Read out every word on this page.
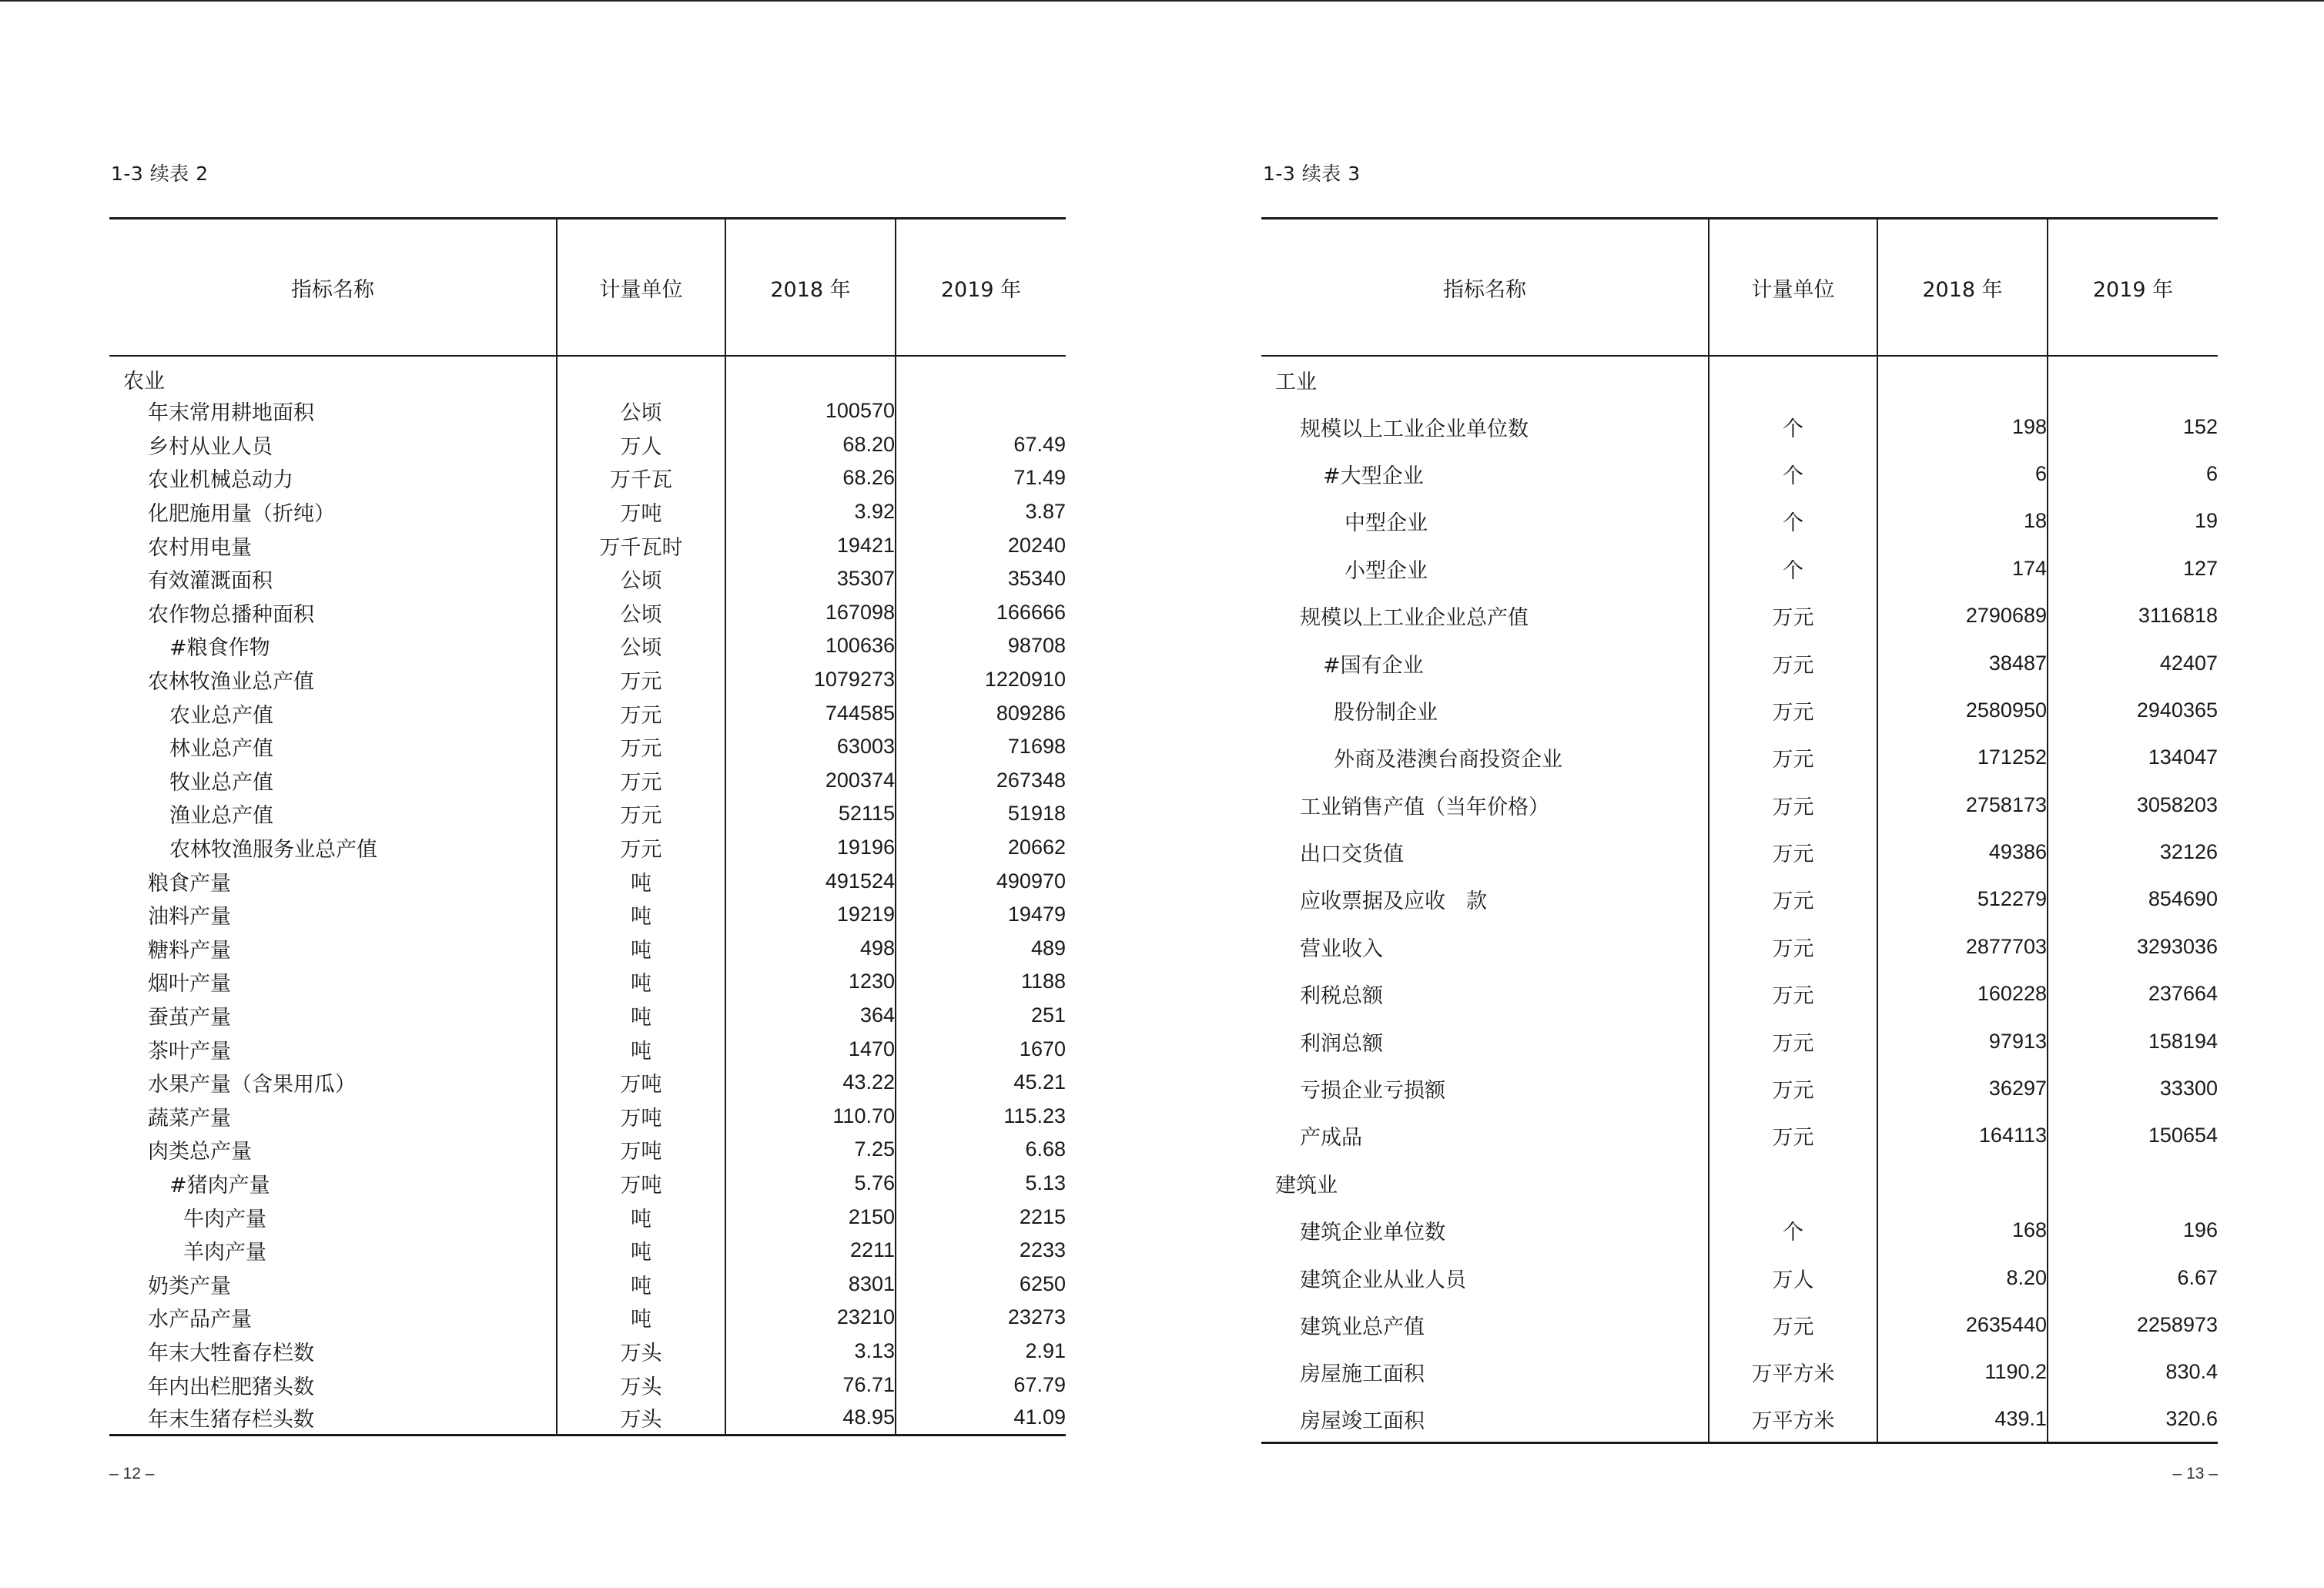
1-3 续表 2
指标名称	计量单位	2018 年	2019 年
农业			
年末常用耕地面积	公顷	100570	
乡村从业人员	万人	68.20	67.49
农业机械总动力	万千瓦	68.26	71.49
化肥施用量（折纯）	万吨	3.92	3.87
农村用电量	万千瓦时	19421	20240
有效灌溉面积	公顷	35307	35340
农作物总播种面积	公顷	167098	166666
#粮食作物	公顷	100636	98708
农林牧渔业总产值	万元	1079273	1220910
农业总产值	万元	744585	809286
林业总产值	万元	63003	71698
牧业总产值	万元	200374	267348
渔业总产值	万元	52115	51918
农林牧渔服务业总产值	万元	19196	20662
粮食产量	吨	491524	490970
油料产量	吨	19219	19479
糖料产量	吨	498	489
烟叶产量	吨	1230	1188
蚕茧产量	吨	364	251
茶叶产量	吨	1470	1670
水果产量（含果用瓜）	万吨	43.22	45.21
蔬菜产量	万吨	110.70	115.23
肉类总产量	万吨	7.25	6.68
#猪肉产量	万吨	5.76	5.13
牛肉产量	吨	2150	2215
羊肉产量	吨	2211	2233
奶类产量	吨	8301	6250
水产品产量	吨	23210	23273
年末大牲畜存栏数	万头	3.13	2.91
年内出栏肥猪头数	万头	76.71	67.79
年末生猪存栏头数	万头	48.95	41.09
– 12 –
1-3 续表 3
指标名称	计量单位	2018 年	2019 年
工业			
规模以上工业企业单位数	个	198	152
#大型企业	个	6	6
中型企业	个	18	19
小型企业	个	174	127
规模以上工业企业总产值	万元	2790689	3116818
#国有企业	万元	38487	42407
股份制企业	万元	2580950	2940365
外商及港澳台商投资企业	万元	171252	134047
工业销售产值（当年价格）	万元	2758173	3058203
出口交货值	万元	49386	32126
应收票据及应收　款	万元	512279	854690
营业收入	万元	2877703	3293036
利税总额	万元	160228	237664
利润总额	万元	97913	158194
亏损企业亏损额	万元	36297	33300
产成品	万元	164113	150654
建筑业			
建筑企业单位数	个	168	196
建筑企业从业人员	万人	8.20	6.67
建筑业总产值	万元	2635440	2258973
房屋施工面积	万平方米	1190.2	830.4
房屋竣工面积	万平方米	439.1	320.6
– 13 –
